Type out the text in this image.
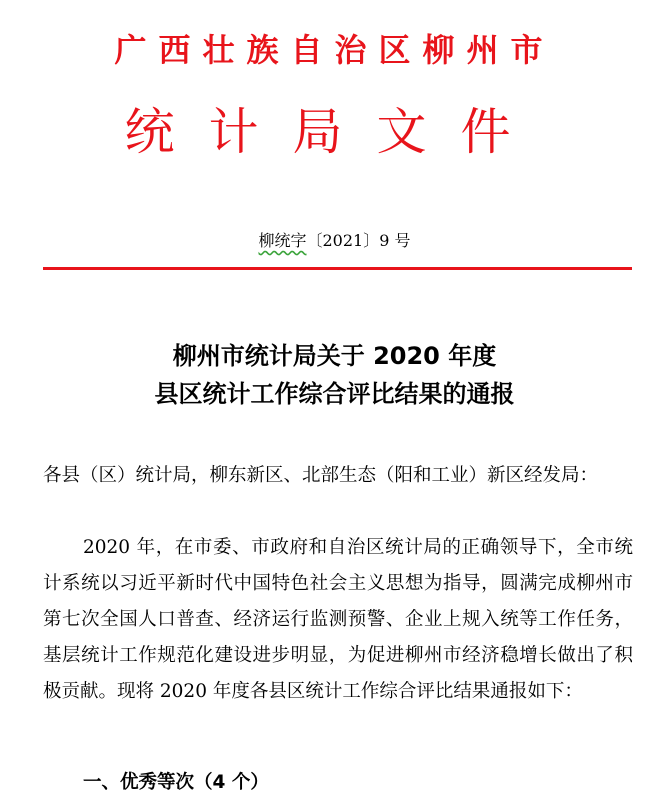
广西壮族自治区柳州市
统计局文件
柳统字〔2021〕9 号
柳州市统计局关于 2020 年度
县区统计工作综合评比结果的通报
各县（区）统计局，柳东新区、北部生态（阳和工业）新区经发局：
2020 年，在市委、市政府和自治区统计局的正确领导下，全市统计系统以习近平新时代中国特色社会主义思想为指导，圆满完成柳州市第七次全国人口普查、经济运行监测预警、企业上规入统等工作任务，基层统计工作规范化建设进步明显，为促进柳州市经济稳增长做出了积极贡献。现将 2020 年度各县区统计工作综合评比结果通报如下：
一、优秀等次（4 个）
